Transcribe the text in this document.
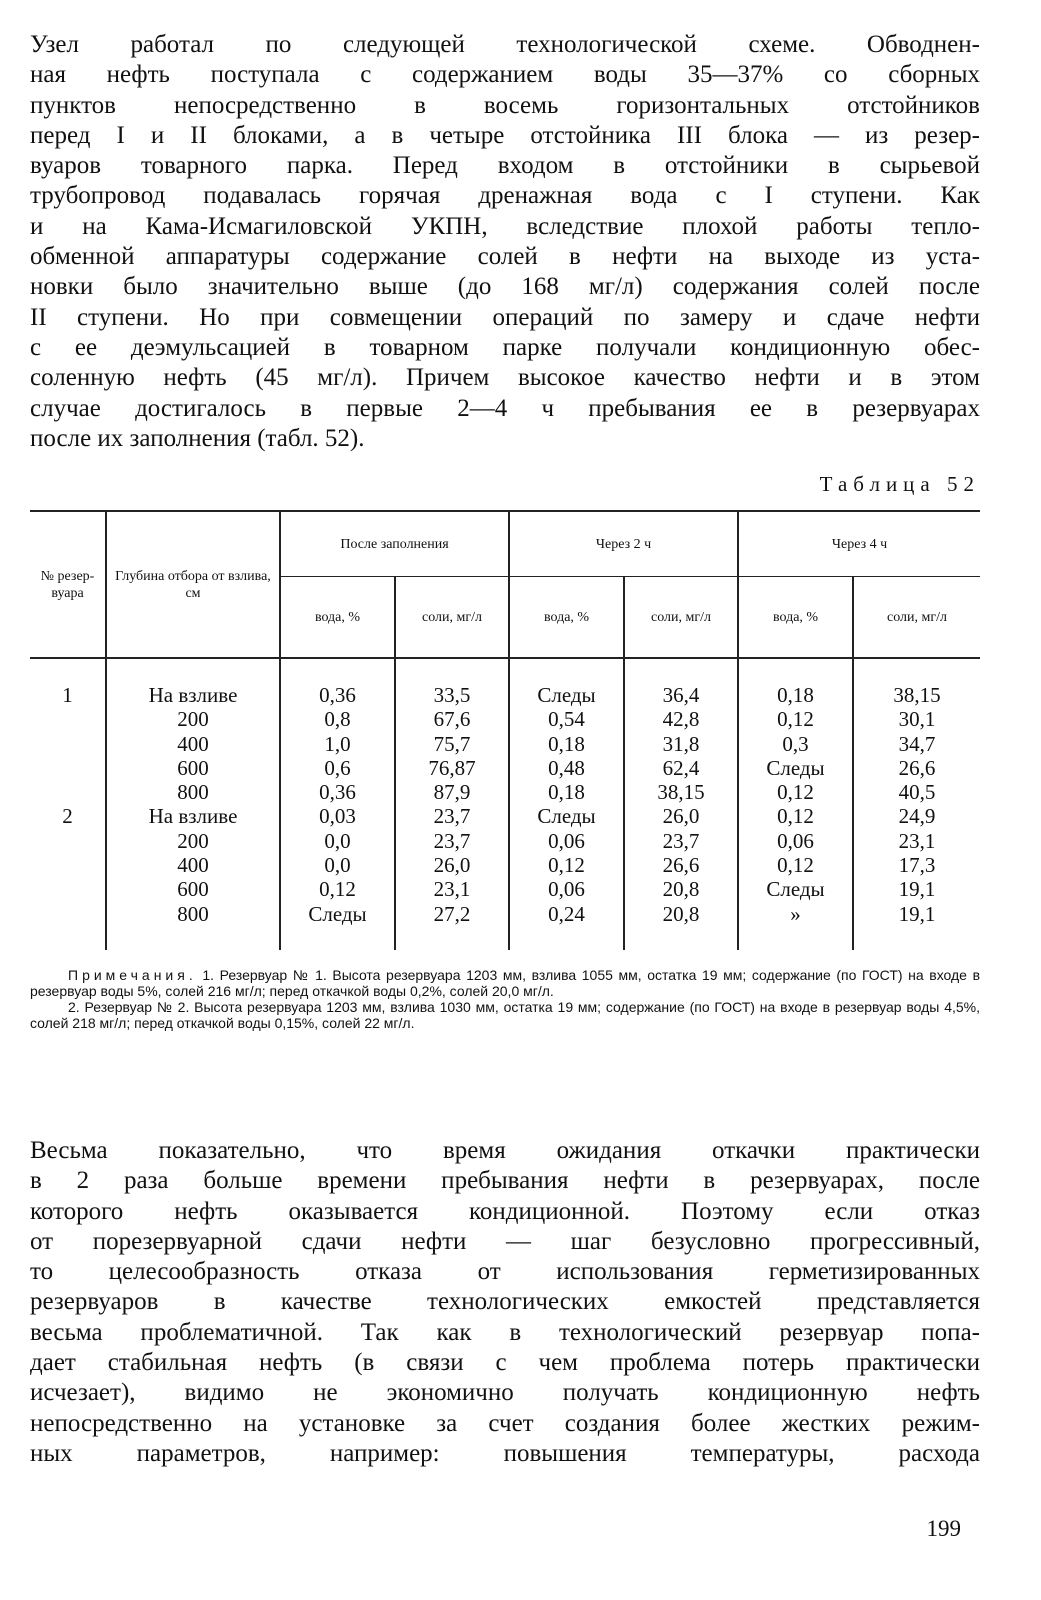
Узел работал по следующей технологической схеме. Обводнен-
ная нефть поступала с содержанием воды 35—37% со сборных
пунктов непосредственно в восемь горизонтальных отстойников
перед I и II блоками, а в четыре отстойника III блока — из резер-
вуаров товарного парка. Перед входом в отстойники в сырьевой
трубопровод подавалась горячая дренажная вода с I ступени. Как
и на Кама-Исмагиловской УКПН, вследствие плохой работы тепло-
обменной аппаратуры содержание солей в нефти на выходе из уста-
новки было значительно выше (до 168 мг/л) содержания солей после
II ступени. Но при совмещении операций по замеру и сдаче нефти
с ее деэмульсацией в товарном парке получали кондиционную обес-
соленную нефть (45 мг/л). Причем высокое качество нефти и в этом
случае достигалось в первые 2—4 ч пребывания ее в резервуарах
после их заполнения (табл. 52).
Таблица 52
№ резер-вуара	Глубина отбора от взлива, см	После заполнения		Через 2 ч		Через 4 ч	
		вода, %	соли, мг/л	вода, %	соли, мг/л	вода, %	соли, мг/л
1	На взливе	0,36	33,5	Следы	36,4	0,18	38,15
	200	0,8	67,6	0,54	42,8	0,12	30,1
	400	1,0	75,7	0,18	31,8	0,3	34,7
	600	0,6	76,87	0,48	62,4	Следы	26,6
	800	0,36	87,9	0,18	38,15	0,12	40,5
2	На взливе	0,03	23,7	Следы	26,0	0,12	24,9
	200	0,0	23,7	0,06	23,7	0,06	23,1
	400	0,0	26,0	0,12	26,6	0,12	17,3
	600	0,12	23,1	0,06	20,8	Следы	19,1
	800	Следы	27,2	0,24	20,8	»	19,1

Примечания. 1. Резервуар № 1. Высота резервуара 1203 мм, взлива 1055 мм, остатка 19 мм; содержание (по ГОСТ) на входе в резервуар воды 5%, солей 216 мг/л; перед откачкой воды 0,2%, солей 20,0 мг/л.

2. Резервуар № 2. Высота резервуара 1203 мм, взлива 1030 мм, остатка 19 мм; содержание (по ГОСТ) на входе в резервуар воды 4,5%, солей 218 мг/л; перед откачкой воды 0,15%, солей 22 мг/л.

Весьма показательно, что время ожидания откачки практически
в 2 раза больше времени пребывания нефти в резервуарах, после
которого нефть оказывается кондиционной. Поэтому если отказ
от порезервуарной сдачи нефти — шаг безусловно прогрессивный,
то целесообразность отказа от использования герметизированных
резервуаров в качестве технологических емкостей представляется
весьма проблематичной. Так как в технологический резервуар попа-
дает стабильная нефть (в связи с чем проблема потерь практически
исчезает), видимо не экономично получать кондиционную нефть
непосредственно на установке за счет создания более жестких режим-
ных параметров, например: повышения температуры, расхода
199
